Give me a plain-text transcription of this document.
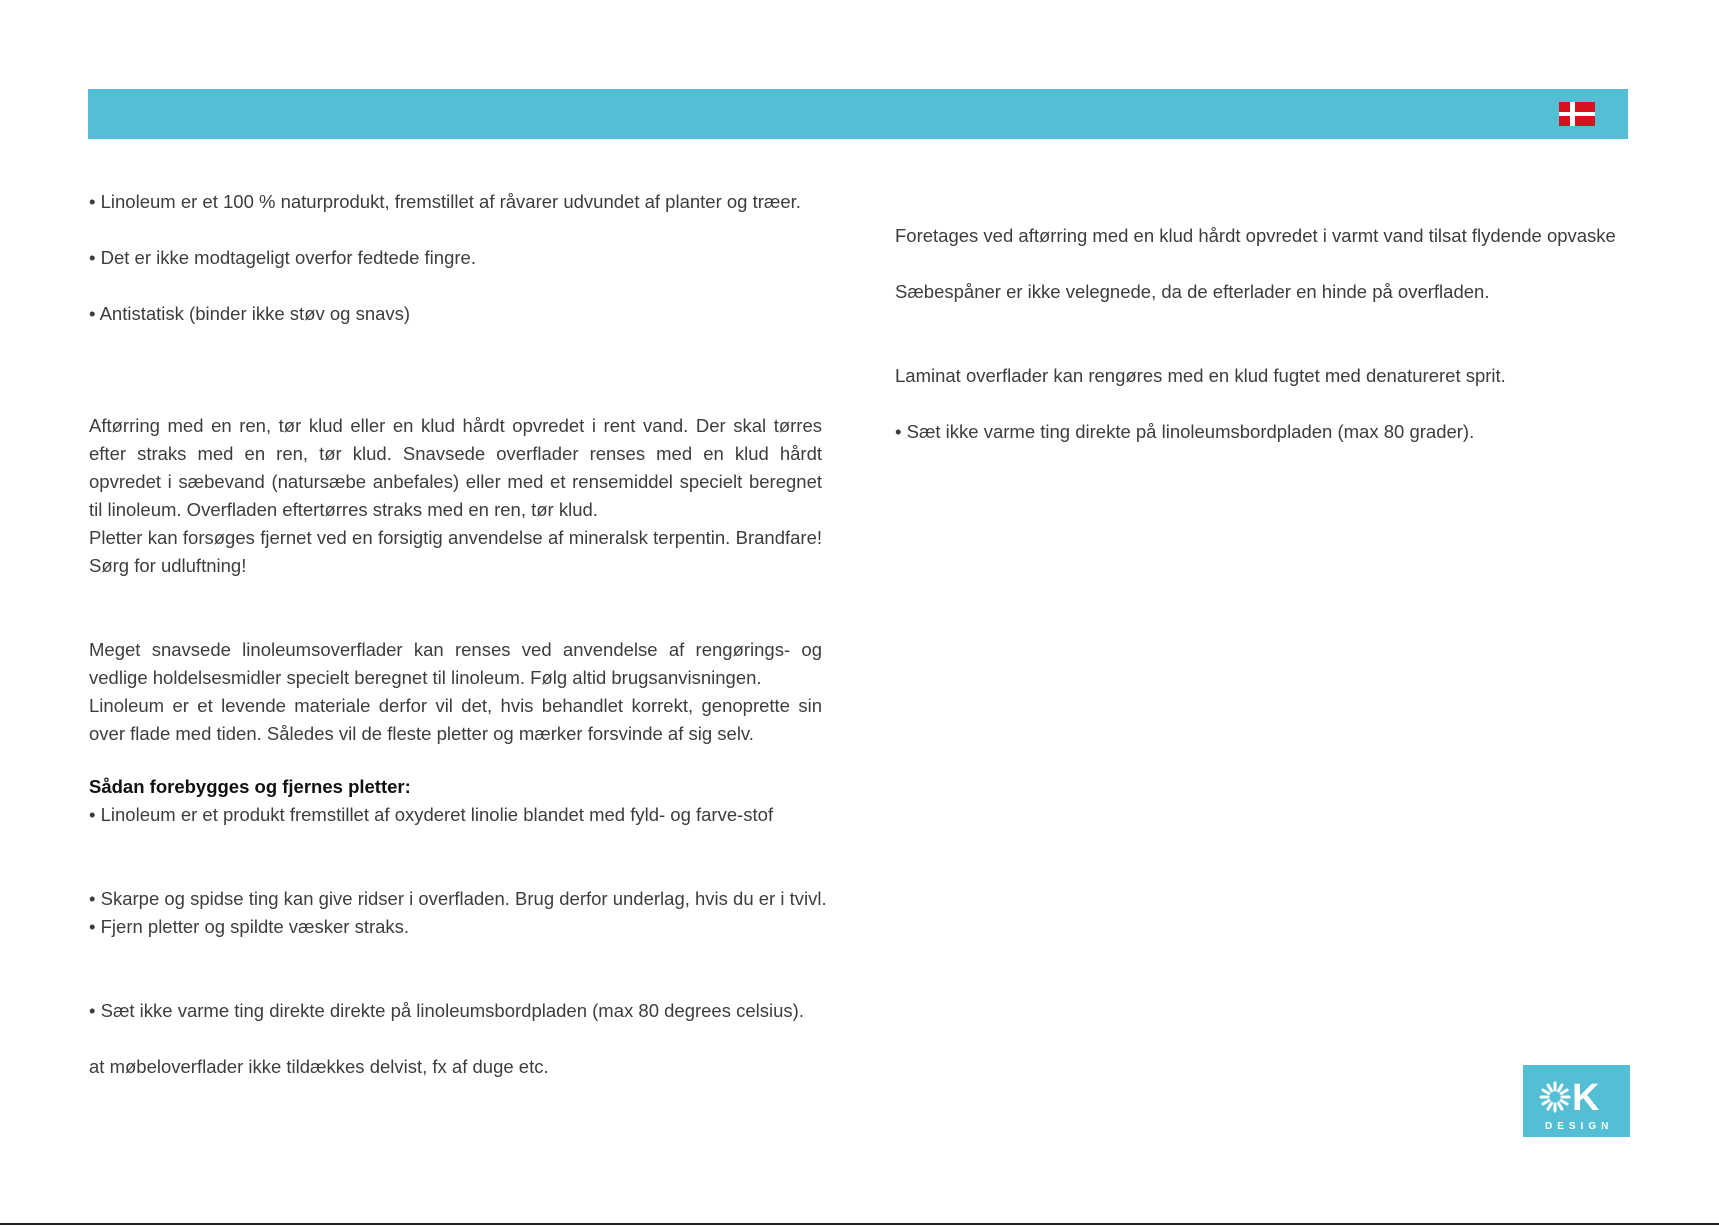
• Linoleum er et 100 % naturprodukt, fremstillet af råvarer udvundet af planter og træer.

• Det er ikke modtageligt overfor fedtede fingre.

• Antistatisk (binder ikke støv og snavs)

Aftørring med en ren, tør klud eller en klud hårdt opvredet i rent vand. Der skal tørres efter straks med en ren, tør klud. Snavsede overflader renses med en klud hårdt opvredet i sæbevand (natursæbe anbefales) eller med et rensemiddel specielt beregnet til linoleum. Overfladen eftertørres straks med en ren, tør klud.

Pletter kan forsøges fjernet ved en forsigtig anvendelse af mineralsk terpentin. Brandfare! Sørg for udluftning!

Meget snavsede linoleumsoverflader kan renses ved anvendelse af rengørings- og vedlige holdelsesmidler specielt beregnet til linoleum. Følg altid brugsanvisningen.

Linoleum er et levende materiale derfor vil det, hvis behandlet korrekt, genoprette sin over flade med tiden. Således vil de fleste pletter og mærker forsvinde af sig selv.

Sådan forebygges og fjernes pletter:

• Linoleum er et produkt fremstillet af oxyderet linolie blandet med fyld- og farve-stof

• Skarpe og spidse ting kan give ridser i overfladen. Brug derfor underlag, hvis du er i tvivl.

• Fjern pletter og spildte væsker straks.

• Sæt ikke varme ting direkte direkte på linoleumsbordpladen (max 80 degrees celsius).

at møbeloverflader ikke tildækkes delvist, fx af duge etc.

Foretages ved aftørring med en klud hårdt opvredet i varmt vand tilsat flydende opvaske

Sæbespåner er ikke velegnede, da de efterlader en hinde på overfladen.

Laminat overflader kan rengøres med en klud fugtet med denatureret sprit.

• Sæt ikke varme ting direkte på linoleumsbordpladen (max 80 grader).

K
DESIGN
